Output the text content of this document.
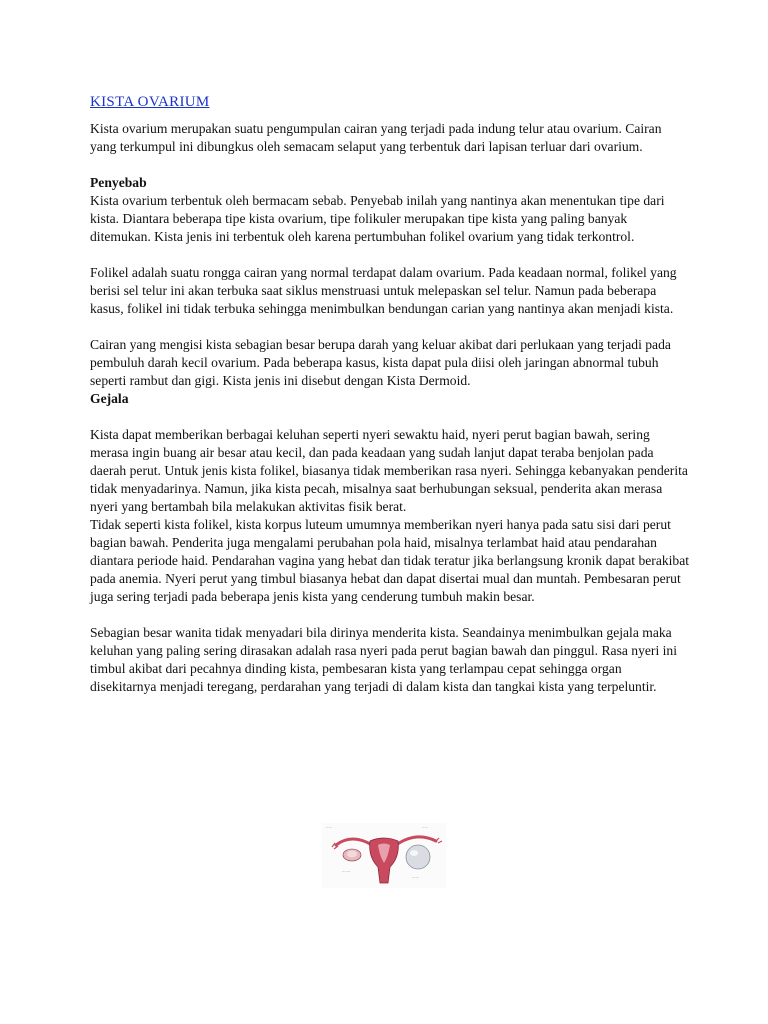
KISTA OVARIUM

Kista ovarium merupakan suatu pengumpulan cairan yang terjadi pada indung telur atau ovarium. Cairan yang terkumpul ini dibungkus oleh semacam selaput yang terbentuk dari lapisan terluar dari ovarium.

Penyebab

Kista ovarium terbentuk oleh bermacam sebab. Penyebab inilah yang nantinya akan menentukan tipe dari kista. Diantara beberapa tipe kista ovarium, tipe folikuler merupakan tipe kista yang paling banyak ditemukan. Kista jenis ini terbentuk oleh karena pertumbuhan folikel ovarium yang tidak terkontrol.

Folikel adalah suatu rongga cairan yang normal terdapat dalam ovarium. Pada keadaan normal, folikel yang berisi sel telur ini akan terbuka saat siklus menstruasi untuk melepaskan sel telur. Namun pada beberapa kasus, folikel ini tidak terbuka sehingga menimbulkan bendungan carian yang nantinya akan menjadi kista.

Cairan yang mengisi kista sebagian besar berupa darah yang keluar akibat dari perlukaan yang terjadi pada pembuluh darah kecil ovarium. Pada beberapa kasus, kista dapat pula diisi oleh jaringan abnormal tubuh seperti rambut dan gigi. Kista jenis ini disebut dengan Kista Dermoid.

Gejala

Kista dapat memberikan berbagai keluhan seperti nyeri sewaktu haid, nyeri perut bagian bawah, sering merasa ingin buang air besar atau kecil, dan pada keadaan yang sudah lanjut dapat teraba benjolan pada daerah perut. Untuk jenis kista folikel, biasanya tidak memberikan rasa nyeri. Sehingga kebanyakan penderita tidak menyadarinya. Namun, jika kista pecah, misalnya saat berhubungan seksual, penderita akan merasa nyeri yang bertambah bila melakukan aktivitas fisik berat.

Tidak seperti kista folikel, kista korpus luteum umumnya memberikan nyeri hanya pada satu sisi dari perut bagian bawah. Penderita juga mengalami perubahan pola haid, misalnya terlambat haid atau pendarahan diantara periode haid. Pendarahan vagina yang hebat dan tidak teratur jika berlangsung kronik dapat berakibat pada anemia. Nyeri perut yang timbul biasanya hebat dan dapat disertai mual dan muntah. Pembesaran perut juga sering terjadi pada beberapa jenis kista yang cenderung tumbuh makin besar.

Sebagian besar wanita tidak menyadari bila dirinya menderita kista. Seandainya menimbulkan gejala maka keluhan yang paling sering dirasakan adalah rasa nyeri pada perut bagian bawah dan pinggul. Rasa nyeri ini timbul akibat dari pecahnya dinding kista, pembesaran kista yang terlampau cepat sehingga organ disekitarnya menjadi teregang, perdarahan yang terjadi di dalam kista dan tangkai kista yang terpeluntir.

·····	·····
·······
······
